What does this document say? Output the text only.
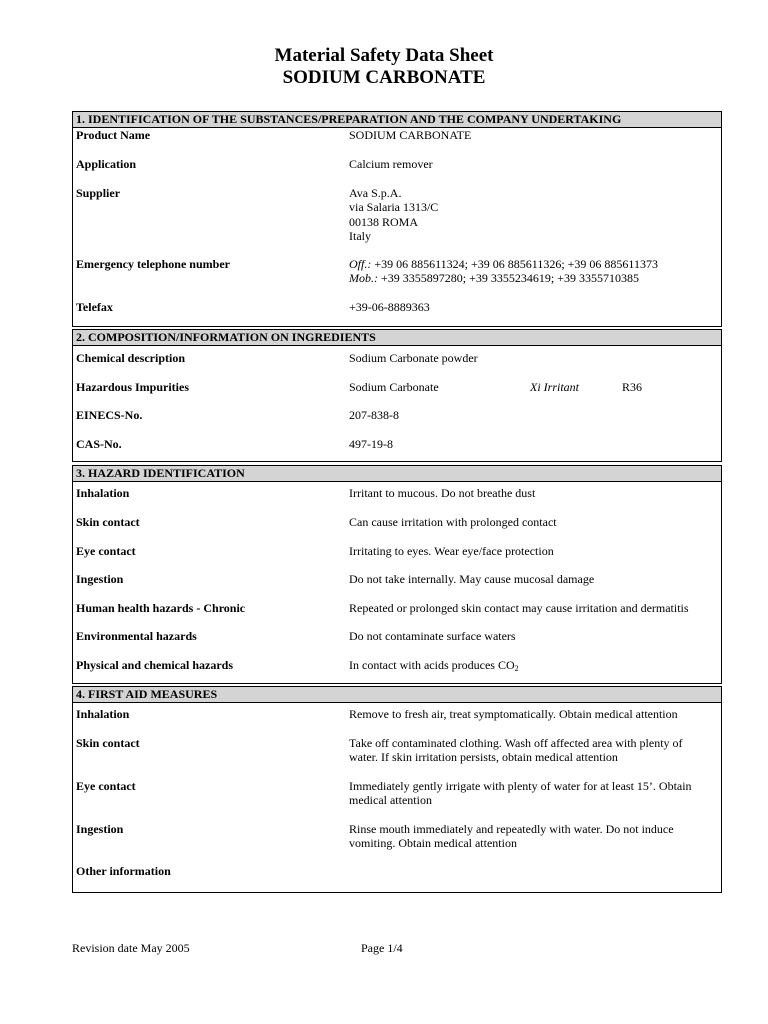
Material Safety Data Sheet
SODIUM CARBONATE
1. IDENTIFICATION OF THE SUBSTANCES/PREPARATION AND THE COMPANY UNDERTAKING
Product Name	SODIUM CARBONATE
Application	Calcium remover
Supplier	Ava S.p.A.
via Salaria 1313/C
00138 ROMA
Italy
Emergency telephone number	Off.: +39 06 885611324; +39 06 885611326; +39 06 885611373
Mob.: +39 3355897280; +39 3355234619; +39 3355710385
Telefax	+39-06-8889363
2. COMPOSITION/INFORMATION ON INGREDIENTS
Chemical description	Sodium Carbonate powder
Hazardous Impurities	Sodium Carbonate	Xi Irritant	R36
EINECS-No.	207-838-8
CAS-No.	497-19-8
3. HAZARD IDENTIFICATION
Inhalation	Irritant to mucous. Do not breathe dust
Skin contact	Can cause irritation with prolonged contact
Eye contact	Irritating to eyes. Wear eye/face protection
Ingestion	Do not take internally. May cause mucosal damage
Human health hazards - Chronic	Repeated or prolonged skin contact may cause irritation and dermatitis
Environmental hazards	Do not contaminate surface waters
Physical and chemical hazards	In contact with acids produces $CO_2$
4. FIRST AID MEASURES
Inhalation	Remove to fresh air, treat symptomatically. Obtain medical attention
Skin contact	Take off contaminated clothing. Wash off affected area with plenty of
water. If skin irritation persists, obtain medical attention
Eye contact	Immediately gently irrigate with plenty of water for at least 15’. Obtain
medical attention
Ingestion	Rinse mouth immediately and repeatedly with water. Do not induce
vomiting. Obtain medical attention
Other information
Revision date May 2005	Page 1/4
